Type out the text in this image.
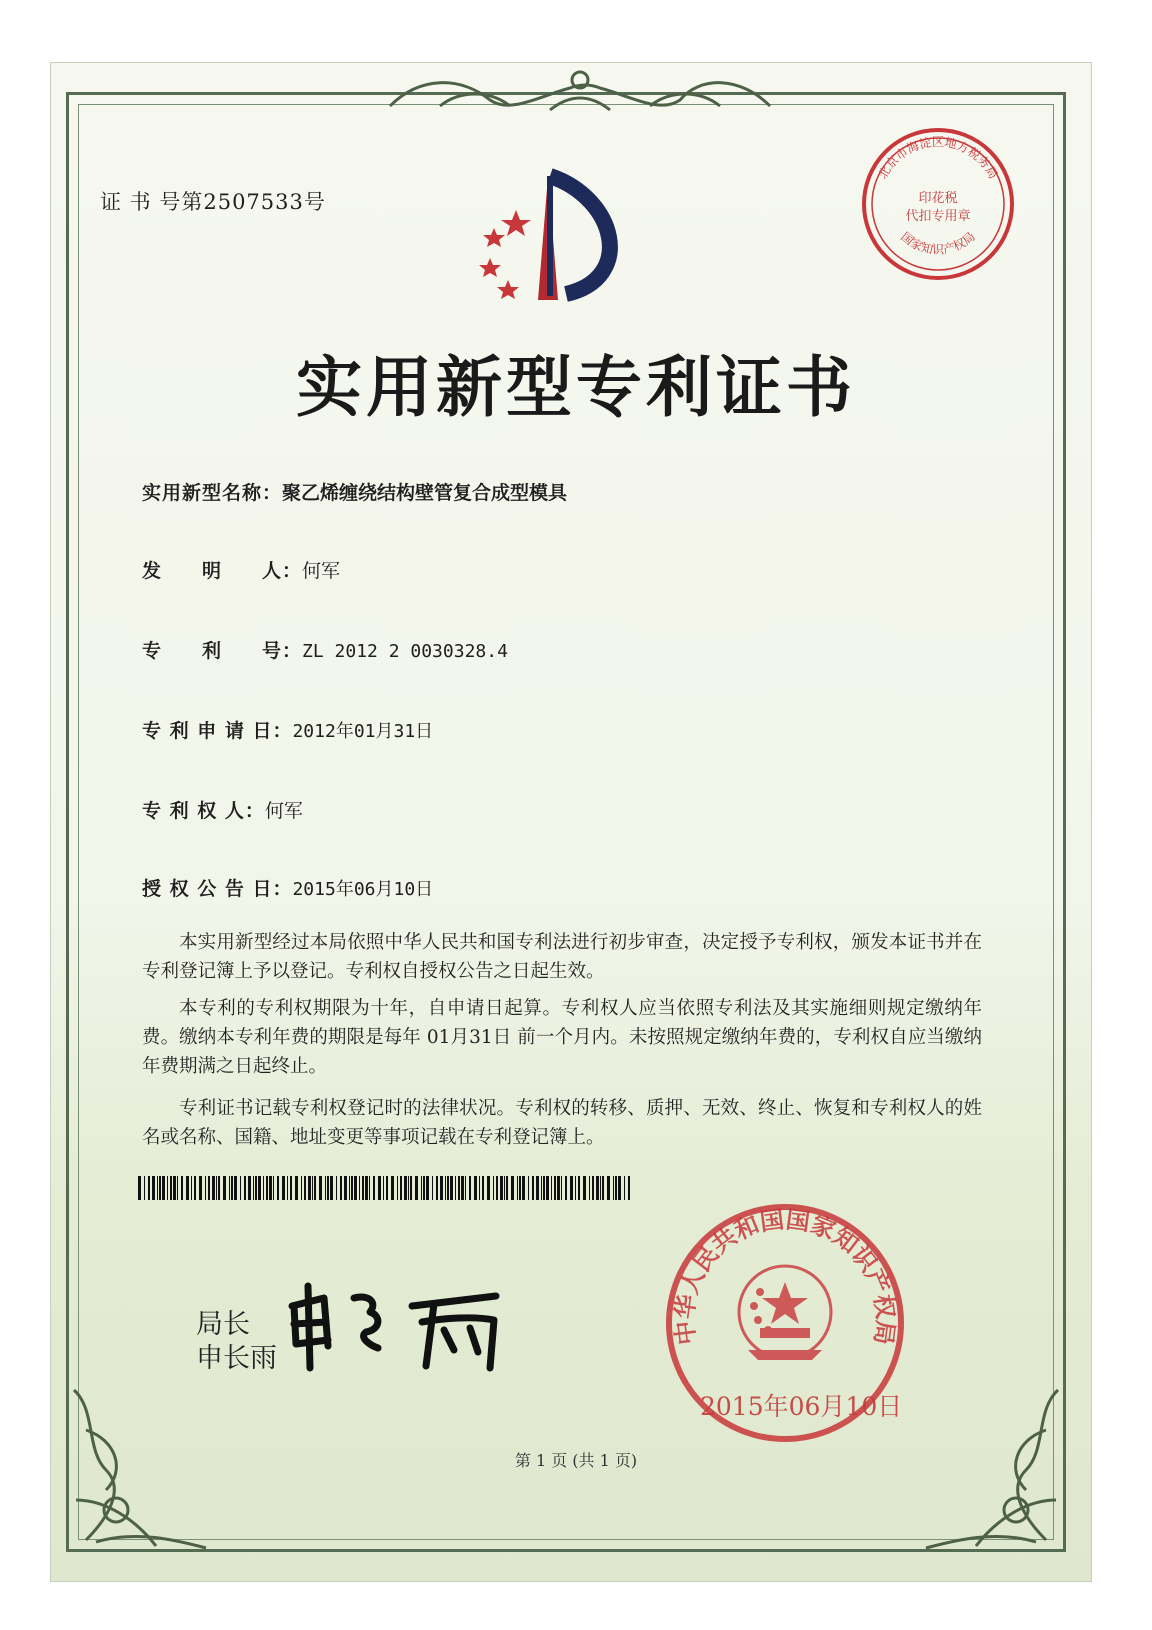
证 书 号第2507533号
北京市海淀区地方税务局
印花税
代扣专用章
国家知识产权局
实用新型专利证书
实用新型名称：聚乙烯缠绕结构壁管复合成型模具
发　　明　　人：何军
专　　利　　号：ZL 2012 2 0030328.4
专 利 申 请 日：2012年01月31日
专 利 权 人：何军
授 权 公 告 日：2015年06月10日
本实用新型经过本局依照中华人民共和国专利法进行初步审查，决定授予专利权，颁发本证书并在专利登记簿上予以登记。专利权自授权公告之日起生效。
本专利的专利权期限为十年，自申请日起算。专利权人应当依照专利法及其实施细则规定缴纳年费。缴纳本专利年费的期限是每年 01月31日 前一个月内。未按照规定缴纳年费的，专利权自应当缴纳年费期满之日起终止。
专利证书记载专利权登记时的法律状况。专利权的转移、质押、无效、终止、恢复和专利权人的姓名或名称、国籍、地址变更等事项记载在专利登记簿上。
局长
申长雨
中华人民共和国国家知识产权局
2015年06月10日
第 1 页 (共 1 页)
